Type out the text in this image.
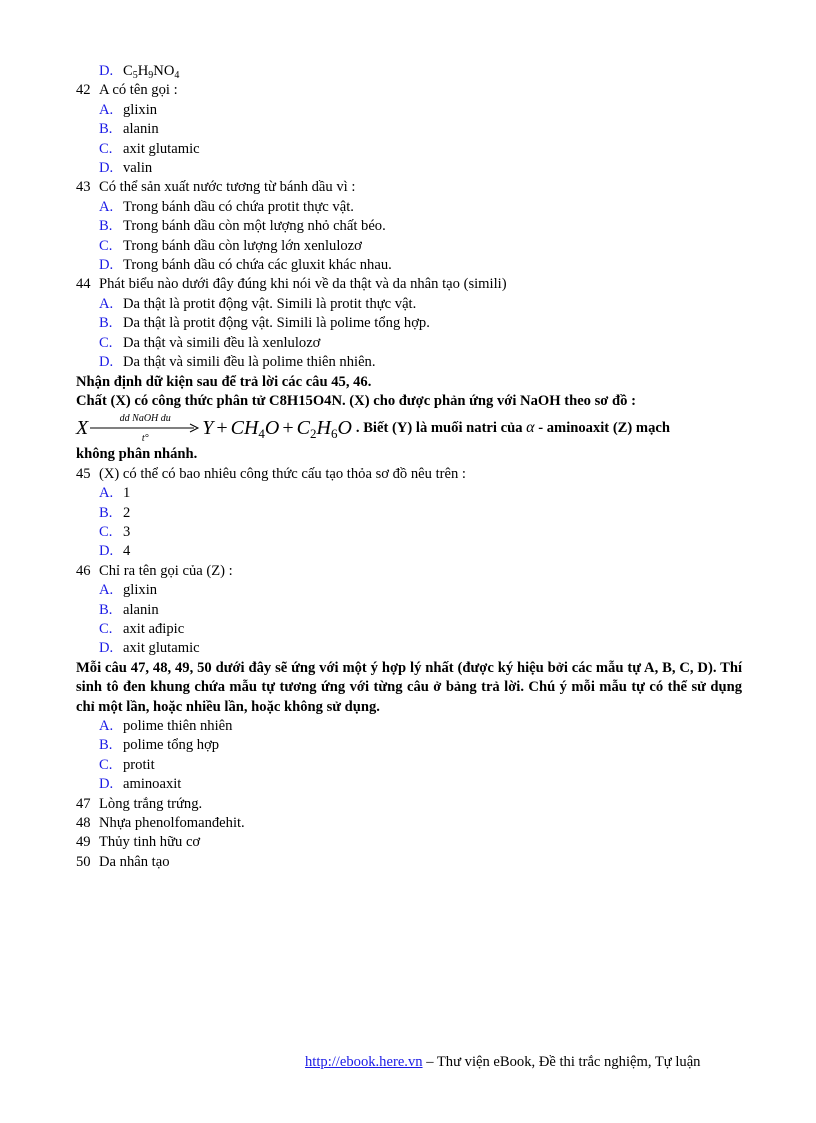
D. $C_5H_9NO_4$
42 A có tên gọi :
A. glixin
B. alanin
C. axit glutamic
D. valin
43 Có thể sản xuất nước tương từ bánh dầu vì :
A. Trong bánh dầu có chứa protit thực vật.
B. Trong bánh dầu còn một lượng nhỏ chất béo.
C. Trong bánh dầu còn lượng lớn xenlulozơ
D. Trong bánh dầu có chứa các gluxit khác nhau.
44 Phát biểu nào dưới đây đúng khi nói về da thật và da nhân tạo (simili)
A. Da thật là protit động vật. Simili là protit thực vật.
B. Da thật là protit động vật. Simili là polime tổng hợp.
C. Da thật và simili đều là xenlulozơ
D. Da thật và simili đều là polime thiên nhiên.
Nhận định dữ kiện sau để trả lời các câu 45, 46.
Chất (X) có công thức phân tử C8H15O4N. (X) cho được phản ứng với NaOH theo sơ đồ :
X	dd NaOH du
t°
$Y + CH_4O + C_2H_6O$ . Biết (Y) là muối natri của α - aminoaxit (Z) mạch
không phân nhánh.
45 (X) có thể có bao nhiêu công thức cấu tạo thỏa sơ đồ nêu trên :
A. 1
B. 2
C. 3
D. 4
46 Chỉ ra tên gọi của (Z) :
A. glixin
B. alanin
C. axit ađipic
D. axit glutamic
Mỗi câu 47, 48, 49, 50 dưới đây sẽ ứng với một ý hợp lý nhất (được ký hiệu bởi các mẫu tự A, B, C, D). Thí sinh tô đen khung chứa mẫu tự tương ứng với từng câu ở bảng trả lời. Chú ý mỗi mẫu tự có thể sử dụng chỉ một lần, hoặc nhiều lần, hoặc không sử dụng.
A. polime thiên nhiên
B. polime tổng hợp
C. protit
D. aminoaxit
47 Lòng trắng trứng.
48 Nhựa phenolfomanđehit.
49 Thủy tinh hữu cơ
50 Da nhân tạo
http://ebook.here.vn – Thư viện eBook, Đề thi trắc nghiệm, Tự luận
